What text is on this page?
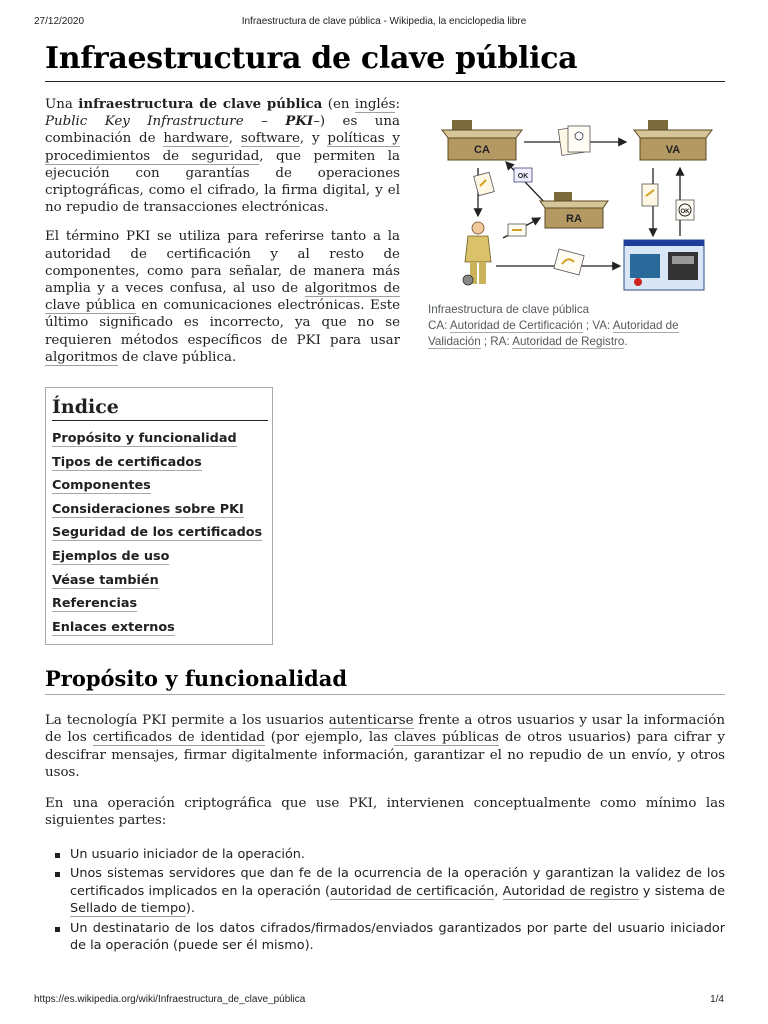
27/12/2020	Infraestructura de clave pública - Wikipedia, la enciclopedia libre
Infraestructura de clave pública

Una infraestructura de clave pública (en inglés: Public Key Infrastructure – PKI–) es una combinación de hardware, software, y políticas y procedimientos de seguridad, que permiten la ejecución con garantías de operaciones criptográficas, como el cifrado, la firma digital, y el no repudio de transacciones electrónicas.

El término PKI se utiliza para referirse tanto a la autoridad de certificación y al resto de componentes, como para señalar, de manera más amplia y a veces confusa, al uso de algoritmos de clave pública en comunicaciones electrónicas. Este último significado es incorrecto, ya que no se requieren métodos específicos de PKI para usar algoritmos de clave pública.

CA	VA
RA
OK
OK
Infraestructura de clave pública
CA: Autoridad de Certificación ; VA: Autoridad de Validación ; RA: Autoridad de Registro.
Índice
Propósito y funcionalidad
Tipos de certificados
Componentes
Consideraciones sobre PKI
Seguridad de los certificados
Ejemplos de uso
Véase también
Referencias
Enlaces externos
Propósito y funcionalidad

La tecnología PKI permite a los usuarios autenticarse frente a otros usuarios y usar la información de los certificados de identidad (por ejemplo, las claves públicas de otros usuarios) para cifrar y descifrar mensajes, firmar digitalmente información, garantizar el no repudio de un envío, y otros usos.

En una operación criptográfica que use PKI, intervienen conceptualmente como mínimo las siguientes partes:

Un usuario iniciador de la operación.
Unos sistemas servidores que dan fe de la ocurrencia de la operación y garantizan la validez de los certificados implicados en la operación (autoridad de certificación, Autoridad de registro y sistema de Sellado de tiempo).
Un destinatario de los datos cifrados/firmados/enviados garantizados por parte del usuario iniciador de la operación (puede ser él mismo).
https://es.wikipedia.org/wiki/Infraestructura_de_clave_pública	1/4
